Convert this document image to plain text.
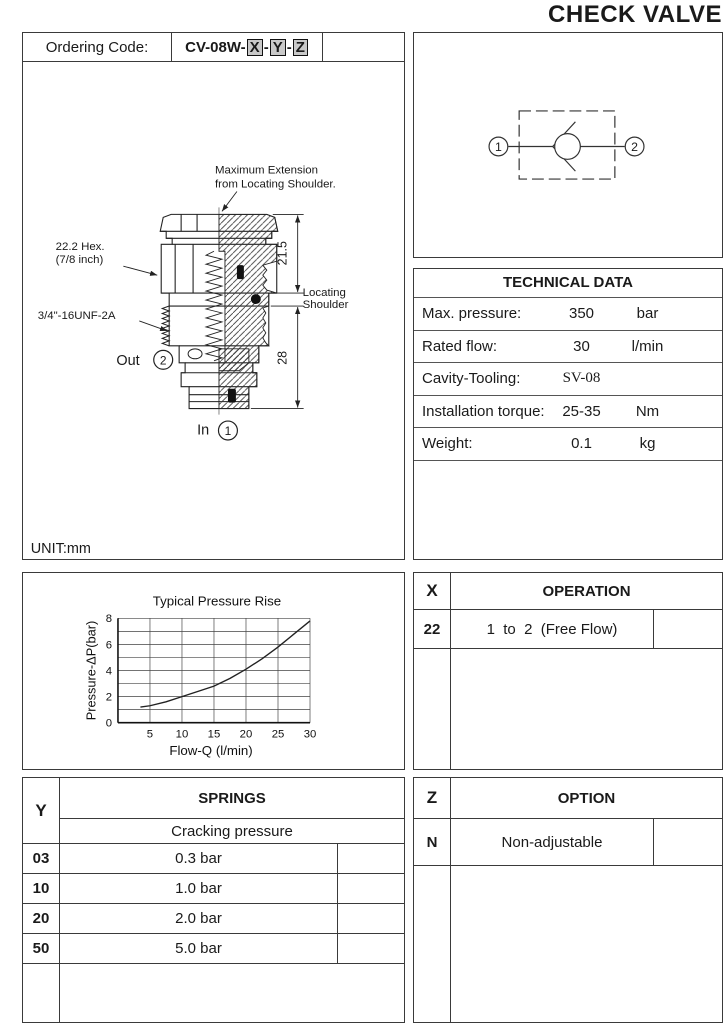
CHECK VALVE
Ordering Code:	CV-08W- X - Y - Z
21.5
28
Locating
Shoulder
Maximum Extension
from Locating Shoulder.
22.2 Hex.
(7/8 inch)
3/4"-16UNF-2A
Out 2
In 1
UNIT:mm
1	2
TECHNICAL DATA
Max. pressure:	350	bar
Rated flow:	30	l/min
Cavity-Tooling:	SV-08
Installation torque:	25-35	Nm
Weight:	0.1	kg
0
2
4
6
8
5 10 15 20 25 30
Typical Pressure Rise
Flow-Q (l/min)
Pressure-ΔP(bar)
X	OPERATION
22	1  to  2  (Free Flow)
Y
SPRINGS
Cracking pressure
03	0.3 bar
10	1.0 bar
20	2.0 bar
50	5.0 bar
Z	OPTION
N	Non-adjustable
